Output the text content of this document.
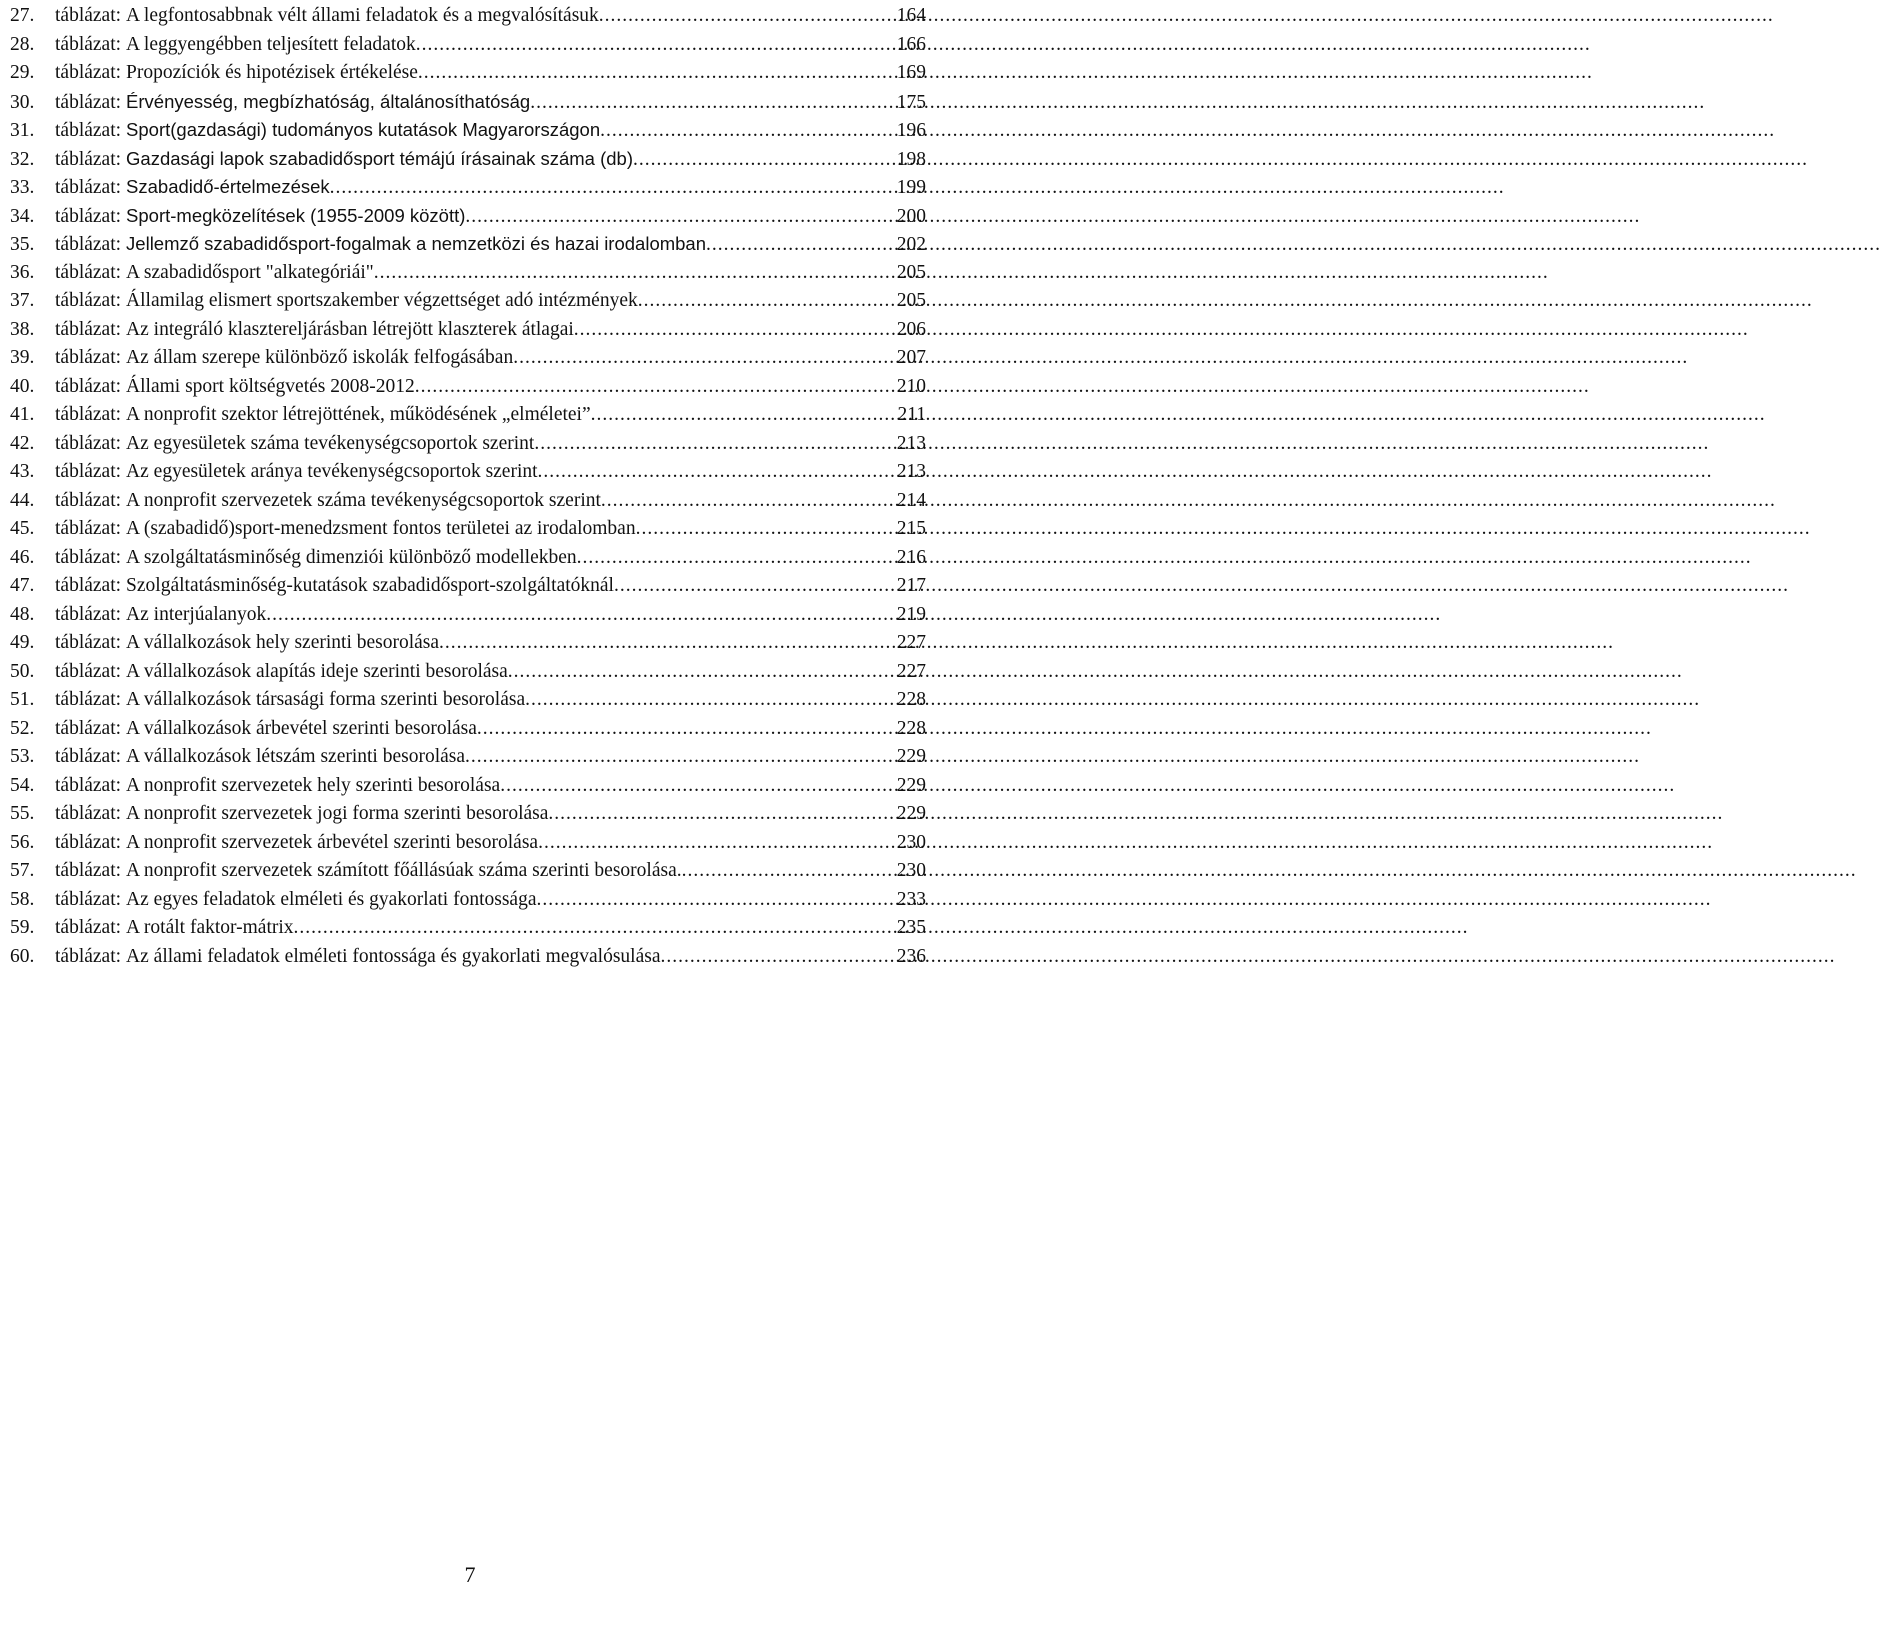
27.	táblázat: A legfontosabbnak vélt állami feladatok és a megvalósításuk .....	164
28.	táblázat: A leggyengébben teljesített feladatok .....	166
29.	táblázat: Propozíciók és hipotézisek értékelése .....	169
30.	táblázat: Érvényesség, megbízhatóság, általánosíthatóság .....	175
31.	táblázat: Sport(gazdasági) tudományos kutatások Magyarországon .....	196
32.	táblázat: Gazdasági lapok szabadidősport témájú írásainak száma (db) .....	198
33.	táblázat: Szabadidő-értelmezések .....	199
34.	táblázat: Sport-megközelítések (1955-2009 között) .....	200
35.	táblázat: Jellemző szabadidősport-fogalmak a nemzetközi és hazai irodalomban .....	202
36.	táblázat: A szabadidősport "alkategóriái" .....	205
37.	táblázat: Államilag elismert sportszakember végzettséget adó intézmények .....	205
38.	táblázat: Az integráló klasztereljárásban létrejött klaszterek átlagai .....	206
39.	táblázat: Az állam szerepe különböző iskolák felfogásában .....	207
40.	táblázat: Állami sport költségvetés 2008-2012 .....	210
41.	táblázat: A nonprofit szektor létrejöttének, működésének „elméletei” .....	211
42.	táblázat: Az egyesületek száma tevékenységcsoportok szerint .....	213
43.	táblázat: Az egyesületek aránya tevékenységcsoportok szerint .....	213
44.	táblázat: A nonprofit szervezetek száma tevékenységcsoportok szerint .....	214
45.	táblázat: A (szabadidő)sport-menedzsment fontos területei az irodalomban .....	215
46.	táblázat: A szolgáltatásminőség dimenziói különböző modellekben .....	216
47.	táblázat: Szolgáltatásminőség-kutatások szabadidősport-szolgáltatóknál .....	217
48.	táblázat: Az interjúalanyok .....	219
49.	táblázat: A vállalkozások hely szerinti besorolása .....	227
50.	táblázat: A vállalkozások alapítás ideje szerinti besorolása .....	227
51.	táblázat: A vállalkozások társasági forma szerinti besorolása .....	228
52.	táblázat: A vállalkozások árbevétel szerinti besorolása .....	228
53.	táblázat: A vállalkozások létszám szerinti besorolása .....	229
54.	táblázat: A nonprofit szervezetek hely szerinti besorolása .....	229
55.	táblázat: A nonprofit szervezetek jogi forma szerinti besorolása .....	229
56.	táblázat: A nonprofit szervezetek árbevétel szerinti besorolása .....	230
57.	táblázat: A nonprofit szervezetek számított főállásúak száma szerinti besorolása. .....	230
58.	táblázat: Az egyes feladatok elméleti és gyakorlati fontossága .....	233
59.	táblázat: A rotált faktor-mátrix .....	235
60.	táblázat: Az állami feladatok elméleti fontossága és gyakorlati megvalósulása .....	236
7
